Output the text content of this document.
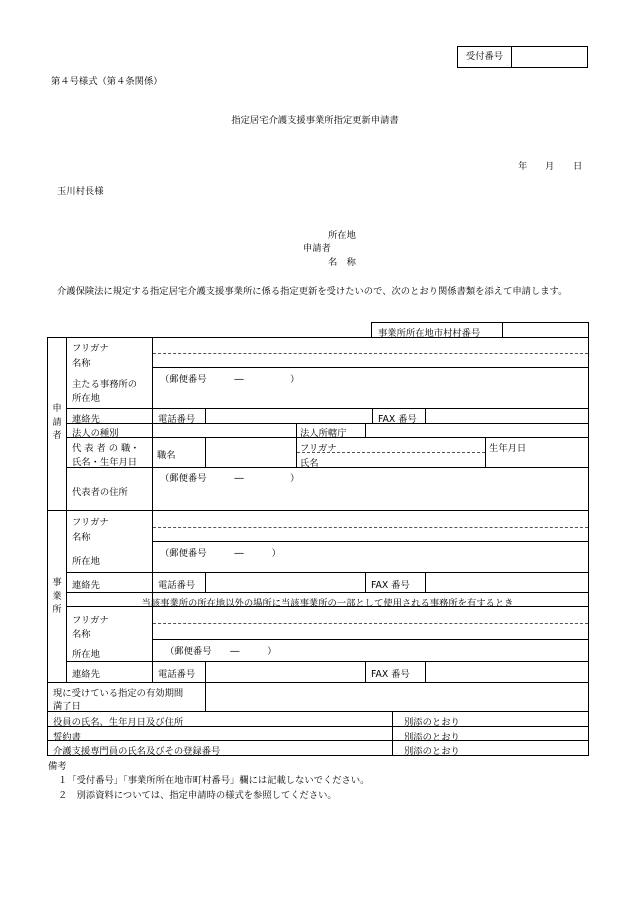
受付番号
第４号様式（第４条関係）
指定居宅介護支援事業所指定更新申請書
年 月 日
玉川村長様
所在地
申請者
名　称
介護保険法に規定する指定居宅介護支援事業所に係る指定更新を受けたいので、次のとおり関係書類を添えて申請します。
事業所所在地市村村番号
申請者
フリガナ
名称
主たる事務所の
所在地
（郵便番号　　　―　　　　　）
連絡先	電話番号	FAX 番号
法人の種別	法人所轄庁
代 表 者 の 職・
氏名・生年月日
職名
フリガナ
氏名
生年月日
（郵便番号　　　―　　　　　）
代表者の住所
事業所
フリガナ
名称
（郵便番号　　　―　　　）
所在地
連絡先	電話番号	FAX 番号
当該事業所の所在地以外の場所に当該事業所の一部として使用される事務所を有するとき
フリガナ
名称
（郵便番号　　―　　　）
所在地
連絡先	電話番号	FAX 番号
現に受けている指定の有効期間
満了日
役員の氏名、生年月日及び住所	別添のとおり
誓約書	別添のとおり
介護支援専門員の氏名及びその登録番号	別添のとおり
備考
１「受付番号」「事業所所在地市町村番号」欄には記載しないでください。
２　別添資料については、指定申請時の様式を参照してください。
